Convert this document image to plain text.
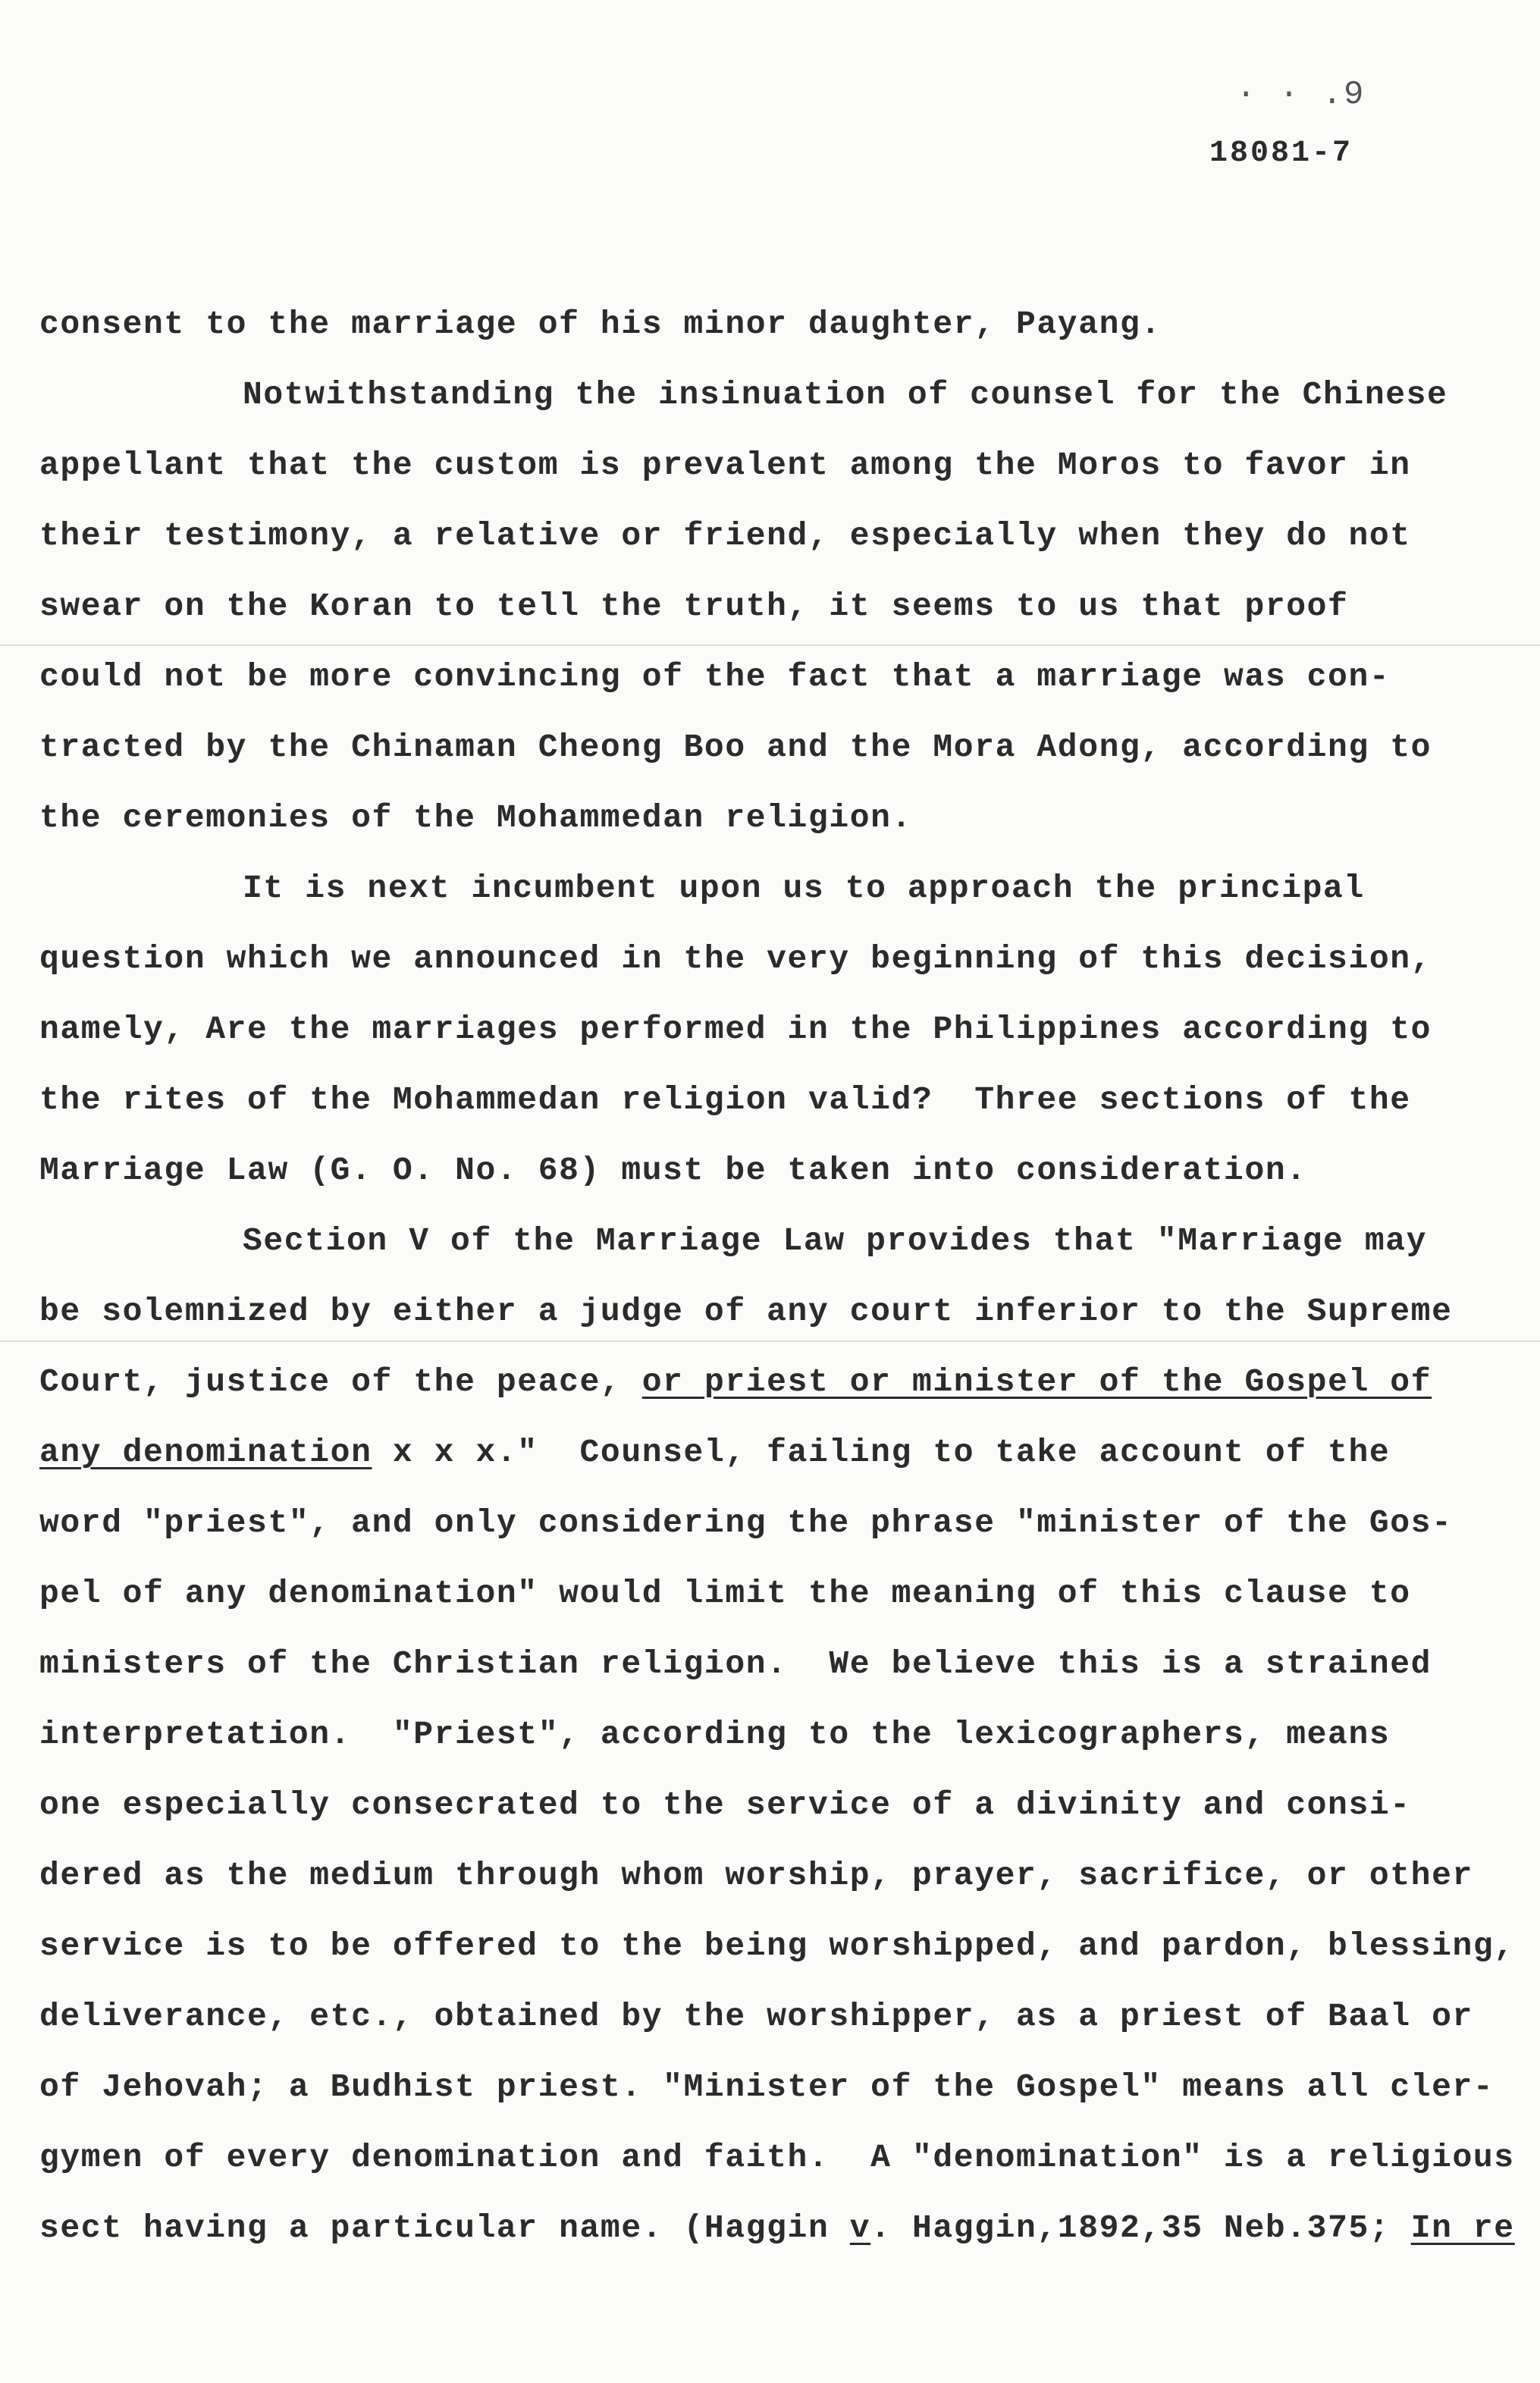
· · .9
18081-7
consent to the marriage of his minor daughter, Payang.
Notwithstanding the insinuation of counsel for the Chinese
appellant that the custom is prevalent among the Moros to favor in
their testimony, a relative or friend, especially when they do not
swear on the Koran to tell the truth, it seems to us that proof
could not be more convincing of the fact that a marriage was con-
tracted by the Chinaman Cheong Boo and the Mora Adong, according to
the ceremonies of the Mohammedan religion.
It is next incumbent upon us to approach the principal
question which we announced in the very beginning of this decision,
namely, Are the marriages performed in the Philippines according to
the rites of the Mohammedan religion valid?  Three sections of the
Marriage Law (G. O. No. 68) must be taken into consideration.
Section V of the Marriage Law provides that "Marriage may
be solemnized by either a judge of any court inferior to the Supreme
Court, justice of the peace, or priest or minister of the Gospel of
any denomination x x x."  Counsel, failing to take account of the
word "priest", and only considering the phrase "minister of the Gos-
pel of any denomination" would limit the meaning of this clause to
ministers of the Christian religion.  We believe this is a strained
interpretation.  "Priest", according to the lexicographers, means
one especially consecrated to the service of a divinity and consi-
dered as the medium through whom worship, prayer, sacrifice, or other
service is to be offered to the being worshipped, and pardon, blessing,
deliverance, etc., obtained by the worshipper, as a priest of Baal or
of Jehovah; a Budhist priest. "Minister of the Gospel" means all cler-
gymen of every denomination and faith.  A "denomination" is a religious
sect having a particular name. (Haggin v. Haggin,1892,35 Neb.375; In re
